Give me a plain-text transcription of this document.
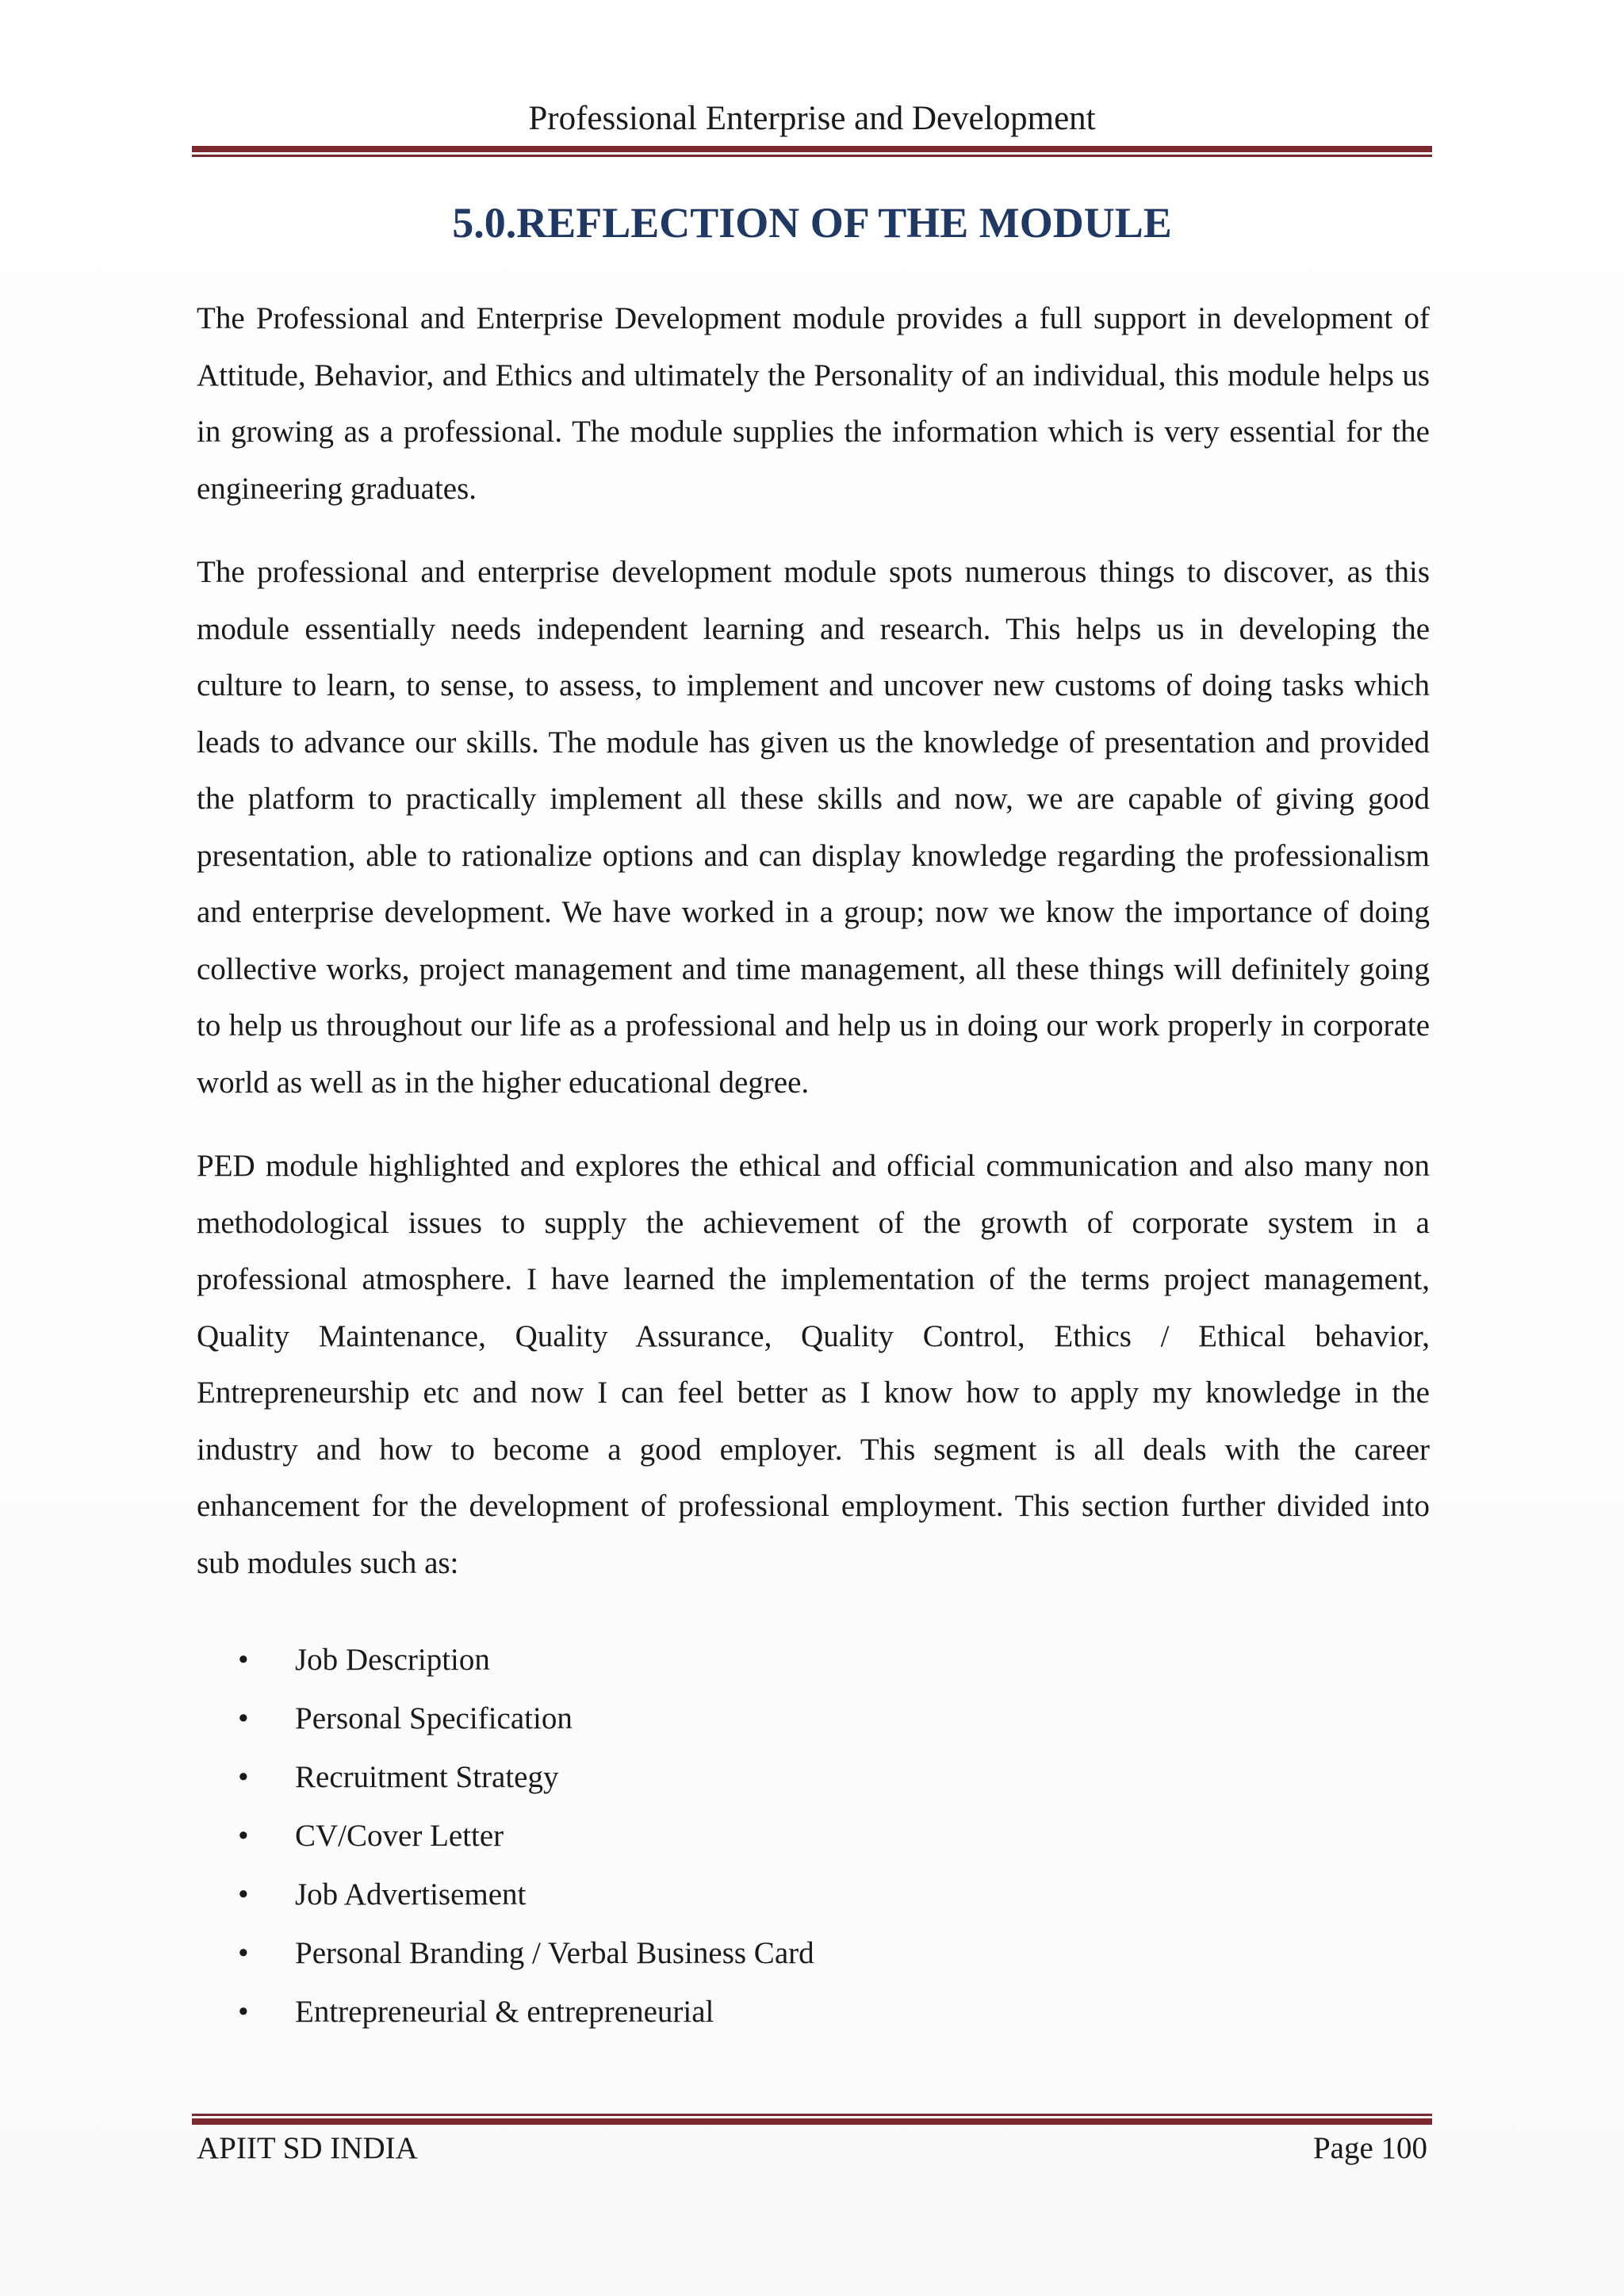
Professional Enterprise and Development
5.0.REFLECTION OF THE MODULE

The Professional and Enterprise Development module provides a full support in development of Attitude, Behavior, and Ethics and ultimately the Personality of an individual, this module helps us in growing as a professional. The module supplies the information which is very essential for the engineering graduates.

The professional and enterprise development module spots numerous things to discover, as this module essentially needs independent learning and research. This helps us in developing the culture to learn, to sense, to assess, to implement and uncover new customs of doing tasks which leads to advance our skills. The module has given us the knowledge of presentation and provided the platform to practically implement all these skills and now, we are capable of giving good presentation, able to rationalize options and can display knowledge regarding the professionalism and enterprise development. We have worked in a group; now we know the importance of doing collective works, project management and time management, all these things will definitely going to help us throughout our life as a professional and help us in doing our work properly in corporate world as well as in the higher educational degree.

PED module highlighted and explores the ethical and official communication and also many non methodological issues to supply the achievement of the growth of corporate system in a professional atmosphere. I have learned the implementation of the terms project management, Quality Maintenance, Quality Assurance, Quality Control, Ethics / Ethical behavior, Entrepreneurship etc and now I can feel better as I know how to apply my knowledge in the industry and how to become a good employer. This segment is all deals with the career enhancement for the development of professional employment. This section further divided into sub modules such as:

• Job Description
• Personal Specification
• Recruitment Strategy
• CV/Cover Letter
• Job Advertisement
• Personal Branding / Verbal Business Card
• Entrepreneurial & entrepreneurial
APIIT SD INDIA	Page 100
